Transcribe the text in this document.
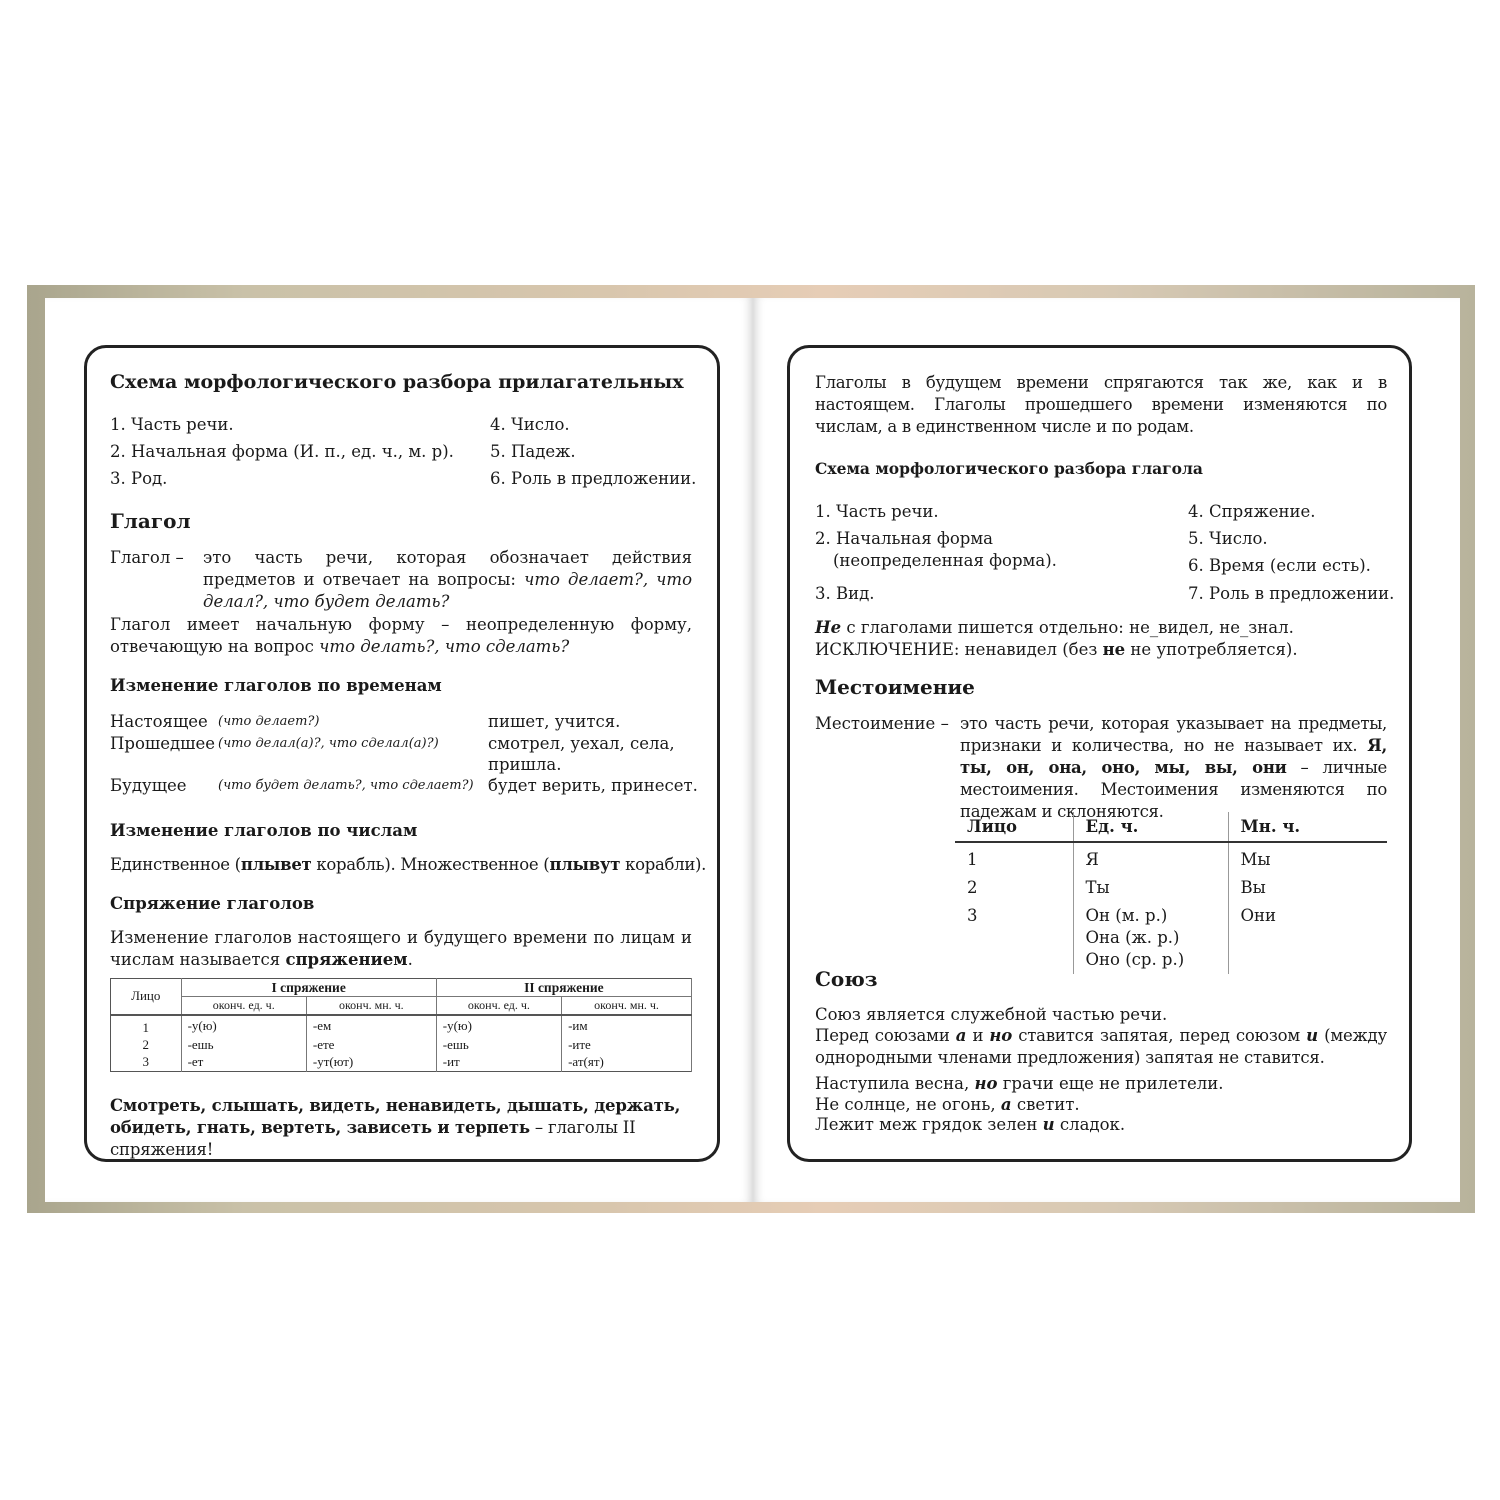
Схема морфологического разбора прилагательных
1. Часть речи.
2. Начальная форма (И. п., ед. ч., м. р).
3. Род.
4. Число.
5. Падеж.
6. Роль в предложении.
Глагол
Глагол – это часть речи, которая обозначает действия предметов и отвечает на вопросы: что делает?, что делал?, что будет делать?
Глагол имеет начальную форму – неопределенную форму, отвечающую на вопрос что делать?, что сделать?
Изменение глаголов по временам
Настоящее (что делает?)	пишет, учится.
Прошедшее (что делал(а)?, что сделал(а)?)	смотрел, уехал, села, пришла.
Будущее (что будет делать?, что сделает?) будет верить, принесет.
Изменение глаголов по числам
Единственное (плывет корабль). Множественное (плывут корабли).
Спряжение глаголов
Изменение глаголов настоящего и будущего времени по лицам и числам называется спряжением.
Лицо	I спряжение		II спряжение	
	оконч. ед. ч.	оконч. мн. ч.	оконч. ед. ч.	оконч. мн. ч.
1	-у(ю)	-ем	-у(ю)	-им
2	-ешь	-ете	-ешь	-ите
3	-ет	-ут(ют)	-ит	-ат(ят)
Смотреть, слышать, видеть, ненавидеть, дышать, держать, обидеть, гнать, вертеть, зависеть и терпеть – глаголы II спряжения!
Глаголы в будущем времени спрягаются так же, как и в настоящем. Глаголы прошедшего времени изменяются по числам, а в единственном числе и по родам.
Схема морфологического разбора глагола
1. Часть речи.
2. Начальная форма
(неопределенная форма).
3. Вид.
4. Спряжение.
5. Число.
6. Время (если есть).
7. Роль в предложении.
Не с глаголами пишется отдельно: не_видел, не_знал.
ИСКЛЮЧЕНИЕ: ненавидел (без не не употребляется).
Местоимение
Местоимение – это часть речи, которая указывает на предметы, признаки и количества, но не называет их. Я, ты, он, она, оно, мы, вы, они – личные местоимения. Местоимения изменяются по падежам и склоняются.
Лицо	Ед. ч.	Мн. ч.
1	Я	Мы
2	Ты	Вы
3	Он (м. р.)
Она (ж. р.)
Оно (ср. р.)	Они
Союз
Союз является служебной частью речи.
Перед союзами а и но ставится запятая, перед союзом и (между однородными членами предложения) запятая не ставится.
Наступила весна, но грачи еще не прилетели.
Не солнце, не огонь, а светит.
Лежит меж грядок зелен и сладок.
